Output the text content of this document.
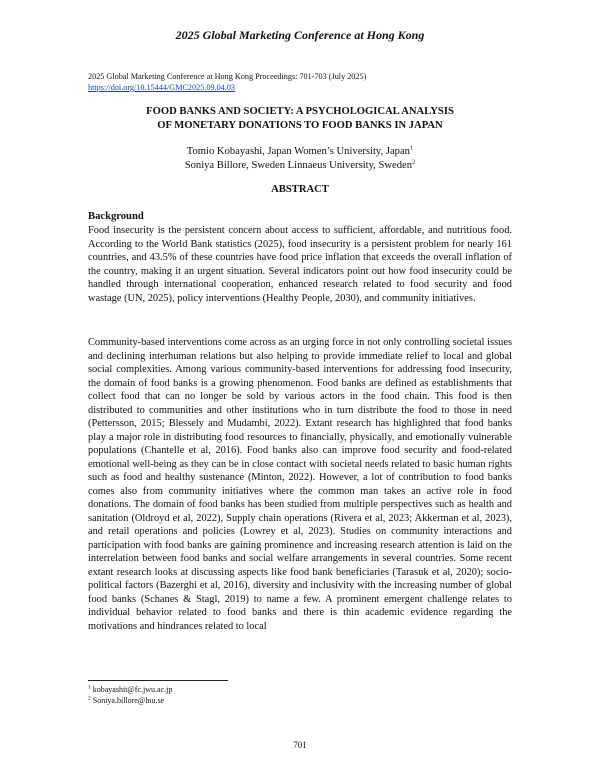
2025 Global Marketing Conference at Hong Kong
2025 Global Marketing Conference at Hong Kong Proceedings: 701-703 (July 2025)
https://doi.org/10.15444/GMC2025.09.04.03
FOOD BANKS AND SOCIETY: A PSYCHOLOGICAL ANALYSIS
OF MONETARY DONATIONS TO FOOD BANKS IN JAPAN
Tomio Kobayashi, Japan Women’s University, Japan$^1$
Soniya Billore, Sweden Linnaeus University, Sweden$^2$
ABSTRACT
Background

Food insecurity is the persistent concern about access to sufficient, affordable, and nutritious food. According to the World Bank statistics (2025), food insecurity is a persistent problem for nearly 161 countries, and 43.5% of these countries have food price inflation that exceeds the overall inflation of the country, making it an urgent situation. Several indicators point out how food insecurity could be handled through international cooperation, enhanced research related to food security and food wastage (UN, 2025), policy interventions (Healthy People, 2030), and community initiatives.

Community-based interventions come across as an urging force in not only controlling societal issues and declining interhuman relations but also helping to provide immediate relief to local and global social complexities. Among various community-based interventions for addressing food insecurity, the domain of food banks is a growing phenomenon. Food banks are defined as establishments that collect food that can no longer be sold by various actors in the food chain. This food is then distributed to communities and other institutions who in turn distribute the food to those in need (Pettersson, 2015; Blessely and Mudambi, 2022). Extant research has highlighted that food banks play a major role in distributing food resources to financially, physically, and emotionally vulnerable populations (Chantelle et al, 2016). Food banks also can improve food security and food-related emotional well-being as they can be in close contact with societal needs related to basic human rights such as food and healthy sustenance (Minton, 2022). However, a lot of contribution to food banks comes also from community initiatives where the common man takes an active role in food donations. The domain of food banks has been studied from multiple perspectives such as health and sanitation (Oldroyd et al, 2022), Supply chain operations (Rivera et al, 2023; Akkerman et al, 2023), and retail operations and policies (Lowrey et al, 2023). Studies on community interactions and participation with food banks are gaining prominence and increasing research attention is laid on the interrelation between food banks and social welfare arrangements in several countries. Some recent extant research looks at discussing aspects like food bank beneficiaries (Tarasuk et al, 2020); socio-political factors (Bazerghi et al, 2016), diversity and inclusivity with the increasing number of global food banks (Schanes & Stagl, 2019) to name a few. A prominent emergent challenge relates to individual behavior related to food banks and there is thin academic evidence regarding the motivations and hindrances related to local

$^1$ kobayashit@fc.jwu.ac.jp
$^2$ Soniya.billore@lnu.se
701
